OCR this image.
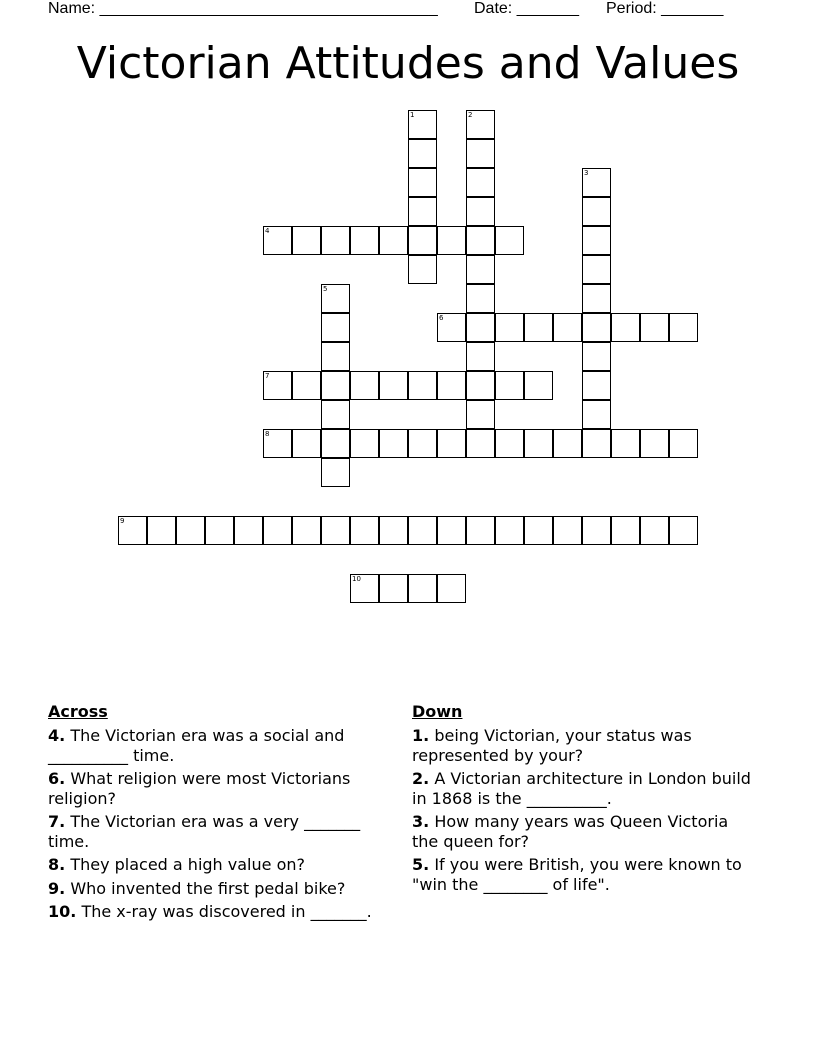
Name: ______________________________________ Date: _______ Period: _______
Victorian Attitudes and Values
1	2
3
4
5
6
7
8
9
10
Across
4. The Victorian era was a social and __________ time.
6. What religion were most Victorians religion?
7. The Victorian era was a very _______ time.
8. They placed a high value on?
9. Who invented the first pedal bike?
10. The x-ray was discovered in _______.
Down
1. being Victorian, your status was represented by your?
2. A Victorian architecture in London build in 1868 is the __________.
3. How many years was Queen Victoria the queen for?
5. If you were British, you were known to "win the ________ of life".
